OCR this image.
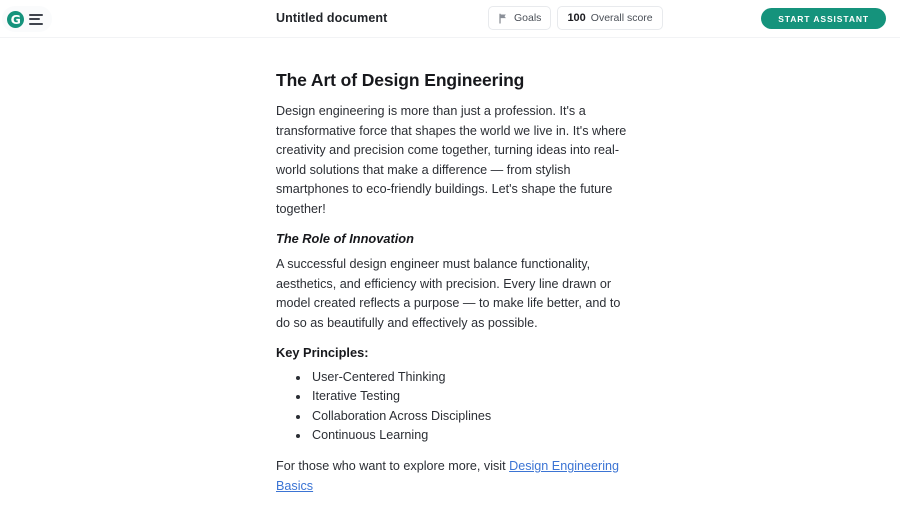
G	Untitled document	Goals 100 Overall score	START ASSISTANT
The Art of Design Engineering

Design engineering is more than just a profession. It's a transformative force that shapes the world we live in. It's where creativity and precision come together, turning ideas into real-world solutions that make a difference — from stylish smartphones to eco-friendly buildings. Let's shape the future together!

The Role of Innovation

A successful design engineer must balance functionality, aesthetics, and efficiency with precision. Every line drawn or model created reflects a purpose — to make life better, and to do so as beautifully and effectively as possible.

Key Principles:
• User-Centered Thinking
• Iterative Testing
• Collaboration Across Disciplines
• Continuous Learning

For those who want to explore more, visit Design Engineering Basics
